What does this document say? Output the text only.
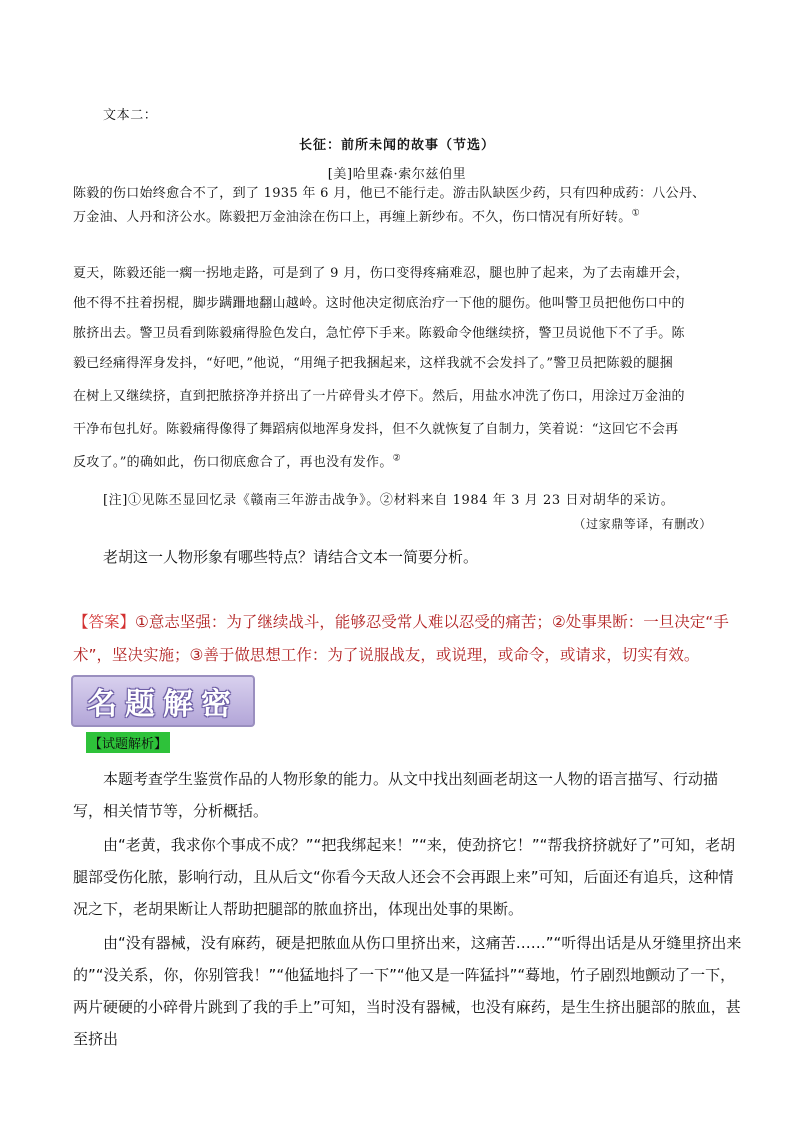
文本二：
长征：前所未闻的故事（节选）
[美]哈里森·索尔兹伯里
陈毅的伤口始终愈合不了，到了 1935 年 6 月，他已不能行走。游击队缺医少药，只有四种成药：八公丹、
万金油、人丹和济公水。陈毅把万金油涂在伤口上，再缠上新纱布。不久，伤口情况有所好转。①
夏天，陈毅还能一瘸一拐地走路，可是到了 9 月，伤口变得疼痛难忍，腿也肿了起来，为了去南雄开会，
他不得不拄着拐棍，脚步蹒跚地翻山越岭。这时他决定彻底治疗一下他的腿伤。他叫警卫员把他伤口中的
脓挤出去。警卫员看到陈毅痛得脸色发白，急忙停下手来。陈毅命令他继续挤，警卫员说他下不了手。陈
毅已经痛得浑身发抖，“好吧，”他说，“用绳子把我捆起来，这样我就不会发抖了。”警卫员把陈毅的腿捆
在树上又继续挤，直到把脓挤净并挤出了一片碎骨头才停下。然后，用盐水冲洗了伤口，用涂过万金油的
干净布包扎好。陈毅痛得像得了舞蹈病似地浑身发抖，但不久就恢复了自制力，笑着说：“这回它不会再
反攻了。”的确如此，伤口彻底愈合了，再也没有发作。②
[注]①见陈丕显回忆录《赣南三年游击战争》。②材料来自 1984 年 3 月 23 日对胡华的采访。
（过家鼎等译，有删改）
老胡这一人物形象有哪些特点？请结合文本一简要分析。
【答案】①意志坚强：为了继续战斗，能够忍受常人难以忍受的痛苦；②处事果断：一旦决定“手术”，坚决实施；③善于做思想工作：为了说服战友，或说理，或命令，或请求，切实有效。
名题解密
【试题解析】
本题考查学生鉴赏作品的人物形象的能力。从文中找出刻画老胡这一人物的语言描写、行动描写，相关情节等，分析概括。
由“老黄，我求你个事成不成？”“把我绑起来！”“来，使劲挤它！”“帮我挤挤就好了”可知，老胡腿部受伤化脓，影响行动，且从后文“你看今天敌人还会不会再跟上来”可知，后面还有追兵，这种情况之下，老胡果断让人帮助把腿部的脓血挤出，体现出处事的果断。
由“没有器械，没有麻药，硬是把脓血从伤口里挤出来，这痛苦……”“听得出话是从牙缝里挤出来的”“没关系，你，你别管我！”“他猛地抖了一下”“他又是一阵猛抖”“蓦地，竹子剧烈地颤动了一下，两片硬硬的小碎骨片跳到了我的手上”可知，当时没有器械，也没有麻药，是生生挤出腿部的脓血，甚至挤出
